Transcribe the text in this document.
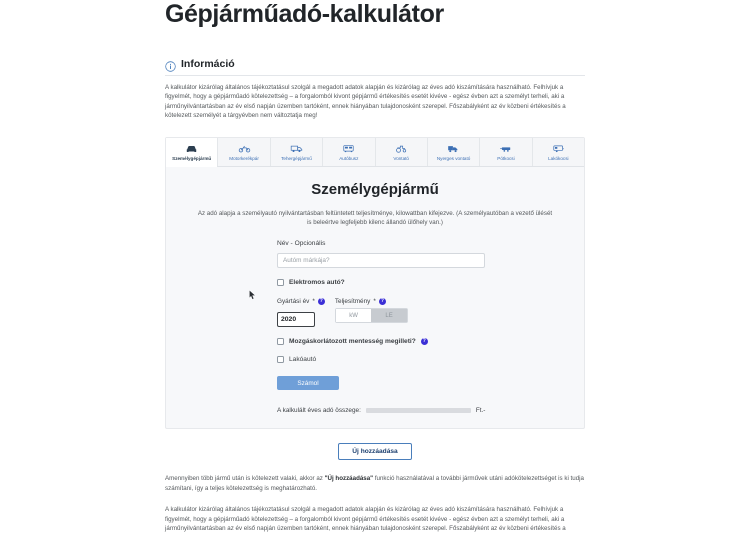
Gépjárműadó-kalkulátor
Információ

A kalkulátor kizárólag általános tájékoztatásul szolgál a megadott adatok alapján és kizárólag az éves adó kiszámítására használható. Felhívjuk a figyelmét, hogy a gépjárműadó kötelezettség – a forgalomból kivont gépjármű értékesítés esetét kivéve - egész évben azt a személyt terheli, aki a járműnyilvántartásban az év első napján üzemben tartóként, ennek hiányában tulajdonosként szerepel. Főszabályként az év közbeni értékesítés a kötelezett személyét a tárgyévben nem változtatja meg!

Személygépjármű	Motorkerékpár	Tehergépjármű	Autóbusz	Vontató	Nyerges vontató	Pótkocsi	Lakókocsi
Személygépjármű

Az adó alapja a személyautó nyilvántartásban feltüntetett teljesítménye, kilowattban kifejezve. (A személyautóban a vezető ülését is beleértve legfeljebb kilenc állandó ülőhely van.)

Név - Opcionális
Autóm márkája?
Elektromos autó?
Gyártási év * ?
2020	Teljesítmény * ?
kW	LE
Mozgáskorlátozott mentesség megilleti?	?
Lakóautó
Számol
A kalkulált éves adó összege:	Ft.-
Új hozzáadása

Amennyiben több jármű után is kötelezett valaki, akkor az "Új hozzáadása" funkció használatával a további járművek utáni adókötelezettséget is ki tudja számítani, így a teljes kötelezettség is meghatározható.

A kalkulátor kizárólag általános tájékoztatásul szolgál a megadott adatok alapján és kizárólag az éves adó kiszámítására használható. Felhívjuk a figyelmét, hogy a gépjárműadó kötelezettség – a forgalomból kivont gépjármű értékesítés esetét kivéve - egész évben azt a személyt terheli, aki a járműnyilvántartásban az év első napján üzemben tartóként, ennek hiányában tulajdonosként szerepel. Főszabályként az év közbeni értékesítés a
